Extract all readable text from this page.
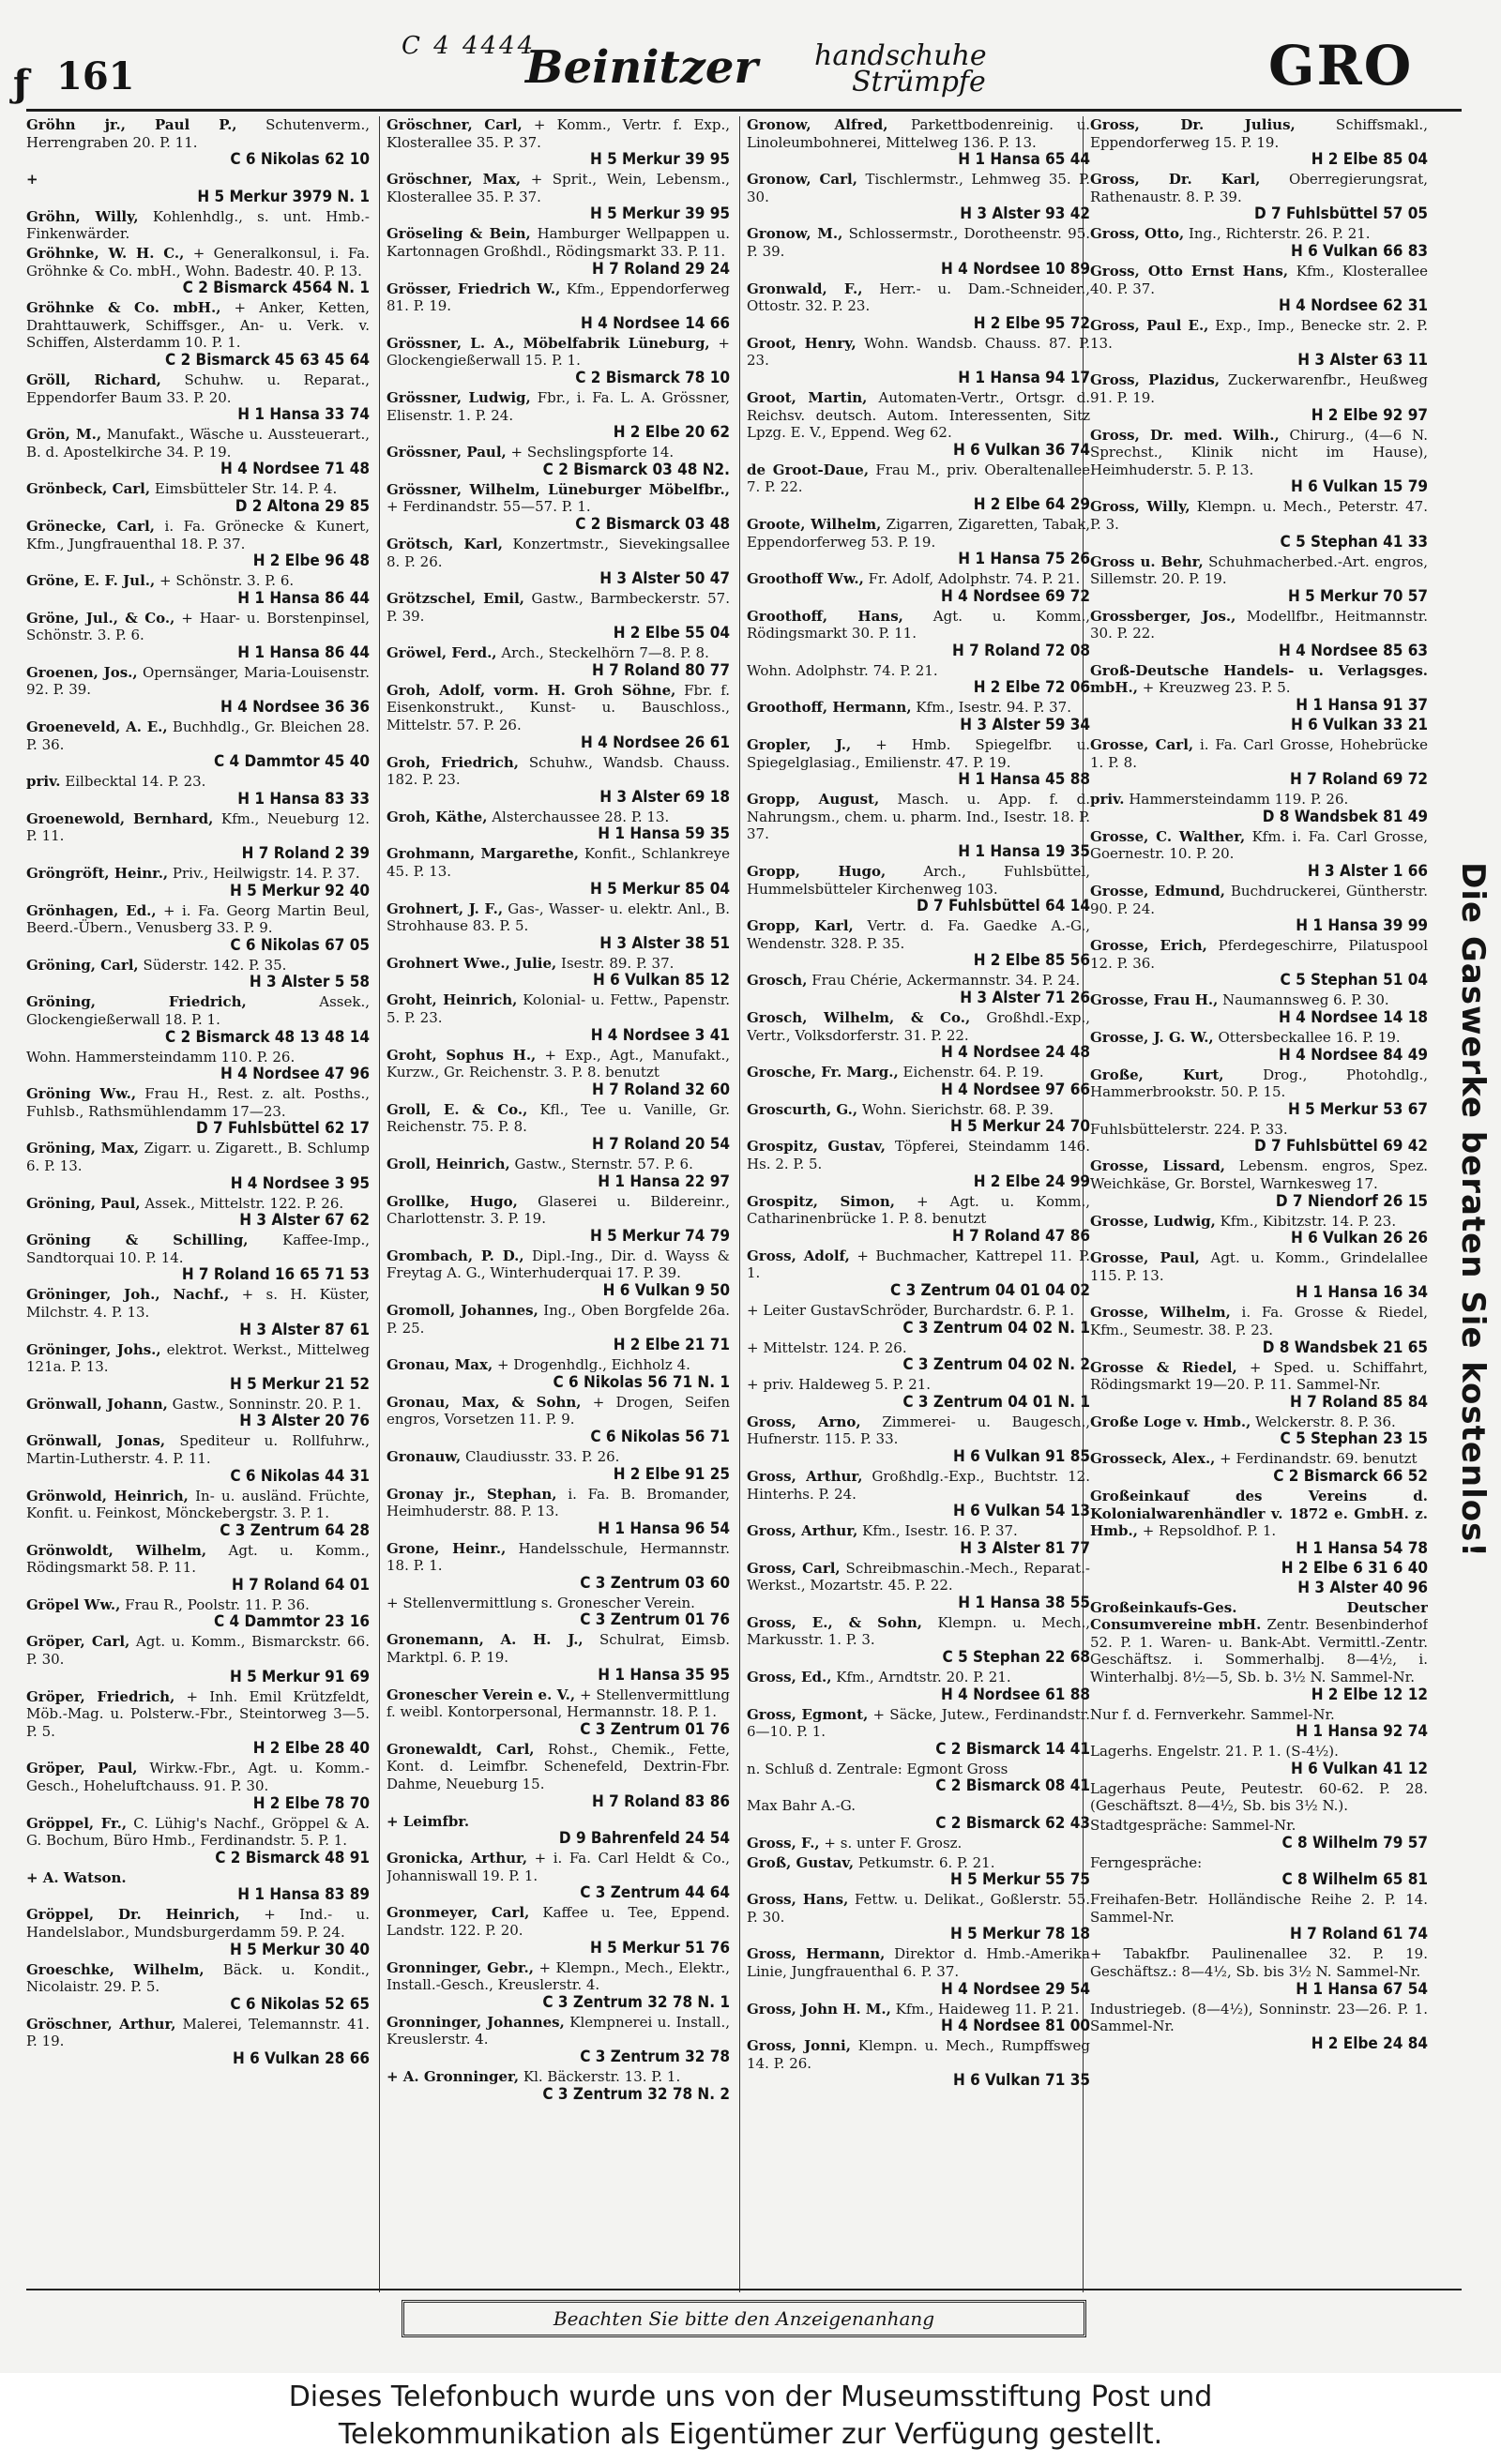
ƒ 161
C 4 4444
Beinitzer handschuhe
Strümpfe	GRO
Gröhn jr., Paul P., Schutenverm., Herrengraben 20. P. 11.
C 6 Nikolas 62 10
+
H 5 Merkur 3979 N. 1
Gröhn, Willy, Kohlenhdlg., s. unt. Hmb.-Finkenwärder.
Gröhnke, W. H. C., + Generalkonsul, i. Fa. Gröhnke & Co. mbH., Wohn. Badestr. 40. P. 13.
C 2 Bismarck 4564 N. 1
Gröhnke & Co. mbH., + Anker, Ketten, Drahttauwerk, Schiffsger., An- u. Verk. v. Schiffen, Alsterdamm 10. P. 1.
C 2 Bismarck 45 63 45 64
Gröll, Richard, Schuhw. u. Reparat., Eppendorfer Baum 33. P. 20.
H 1 Hansa 33 74
Grön, M., Manufakt., Wäsche u. Aussteuerart., B. d. Apostelkirche 34. P. 19.
H 4 Nordsee 71 48
Grönbeck, Carl, Eimsbütteler Str. 14. P. 4.
D 2 Altona 29 85
Grönecke, Carl, i. Fa. Grönecke & Kunert, Kfm., Jungfrauenthal 18. P. 37.
H 2 Elbe 96 48
Gröne, E. F. Jul., + Schönstr. 3. P. 6.
H 1 Hansa 86 44
Gröne, Jul., & Co., + Haar- u. Borstenpinsel, Schönstr. 3. P. 6.
H 1 Hansa 86 44
Groenen, Jos., Opernsänger, Maria-Louisenstr. 92. P. 39.
H 4 Nordsee 36 36
Groeneveld, A. E., Buchhdlg., Gr. Bleichen 28. P. 36.
C 4 Dammtor 45 40
priv. Eilbecktal 14. P. 23.
H 1 Hansa 83 33
Groenewold, Bernhard, Kfm., Neueburg 12. P. 11.
H 7 Roland 2 39
Gröngröft, Heinr., Priv., Heilwigstr. 14. P. 37.
H 5 Merkur 92 40
Grönhagen, Ed., + i. Fa. Georg Martin Beul, Beerd.-Übern., Venusberg 33. P. 9.
C 6 Nikolas 67 05
Gröning, Carl, Süderstr. 142. P. 35.
H 3 Alster 5 58
Gröning, Friedrich,	Assek., Glockengießerwall 18. P. 1.
C 2 Bismarck 48 13 48 14
Wohn. Hammersteindamm 110. P. 26.
H 4 Nordsee 47 96
Gröning Ww., Frau H., Rest. z. alt. Posths., Fuhlsb., Rathsmühlendamm 17—23.
D 7 Fuhlsbüttel 62 17
Gröning, Max, Zigarr. u. Zigarett., B. Schlump 6. P. 13.
H 4 Nordsee 3 95
Gröning, Paul, Assek., Mittelstr. 122. P. 26.
H 3 Alster 67 62
Gröning & Schilling, Kaffee-Imp., Sandtorquai 10. P. 14.
H 7 Roland 16 65 71 53
Gröninger, Joh., Nachf., + s. H. Küster, Milchstr. 4. P. 13.
H 3 Alster 87 61
Gröninger, Johs., elektrot. Werkst., Mittelweg 121a. P. 13.
H 5 Merkur 21 52
Grönwall, Johann, Gastw., Sonninstr. 20. P. 1.
H 3 Alster 20 76
Grönwall, Jonas, Spediteur u. Rollfuhrw., Martin-Lutherstr. 4. P. 11.
C 6 Nikolas 44 31
Grönwold, Heinrich, In- u. ausländ. Früchte, Konfit. u. Feinkost, Mönckebergstr. 3. P. 1.
C 3 Zentrum 64 28
Grönwoldt, Wilhelm, Agt. u. Komm., Rödingsmarkt 58. P. 11.
H 7 Roland 64 01
Gröpel Ww., Frau R., Poolstr. 11. P. 36.
C 4 Dammtor 23 16
Gröper, Carl, Agt. u. Komm., Bismarckstr. 66. P. 30.
H 5 Merkur 91 69
Gröper, Friedrich, + Inh. Emil Krützfeldt, Möb.-Mag. u. Polsterw.-Fbr., Steintorweg 3—5. P. 5.
H 2 Elbe 28 40
Gröper, Paul, Wirkw.-Fbr., Agt. u. Komm.-Gesch., Hoheluftchauss. 91. P. 30.
H 2 Elbe 78 70
Gröppel, Fr., C. Lühig's Nachf., Gröppel & A. G. Bochum, Büro Hmb., Ferdinandstr. 5. P. 1.
C 2 Bismarck 48 91
+ A. Watson.
H 1 Hansa 83 89
Gröppel, Dr. Heinrich, + Ind.- u. Handelslabor., Mundsburgerdamm 59. P. 24.
H 5 Merkur 30 40
Groeschke, Wilhelm, Bäck. u. Kondit., Nicolaistr. 29. P. 5.
C 6 Nikolas 52 65
Gröschner, Arthur, Malerei, Telemannstr. 41. P. 19.
H 6 Vulkan 28 66
Gröschner, Carl, + Komm., Vertr. f. Exp., Klosterallee 35. P. 37.
H 5 Merkur 39 95
Gröschner, Max, + Sprit., Wein, Lebensm., Klosterallee 35. P. 37.
H 5 Merkur 39 95
Gröseling & Bein, Hamburger Wellpappen u. Kartonnagen Großhdl., Rödingsmarkt 33. P. 11.
H 7 Roland 29 24
Grösser, Friedrich W., Kfm., Eppendorferweg 81. P. 19.
H 4 Nordsee 14 66
Grössner, L. A., Möbelfabrik Lüneburg, + Glockengießerwall 15. P. 1.
C 2 Bismarck 78 10
Grössner, Ludwig, Fbr., i. Fa. L. A. Grössner, Elisenstr. 1. P. 24.
H 2 Elbe 20 62
Grössner, Paul, + Sechslingspforte 14.
C 2 Bismarck 03 48 N2.
Grössner, Wilhelm, Lüneburger Möbelfbr., + Ferdinandstr. 55—57. P. 1.
C 2 Bismarck 03 48
Grötsch, Karl, Konzertmstr., Sievekingsallee 8. P. 26.
H 3 Alster 50 47
Grötzschel, Emil, Gastw., Barmbeckerstr. 57. P. 39.
H 2 Elbe 55 04
Gröwel, Ferd., Arch., Steckelhörn 7—8. P. 8.
H 7 Roland 80 77
Groh, Adolf, vorm. H. Groh Söhne, Fbr. f. Eisenkonstrukt., Kunst- u. Bauschloss., Mittelstr. 57. P. 26.
H 4 Nordsee 26 61
Groh, Friedrich, Schuhw., Wandsb. Chauss. 182. P. 23.
H 3 Alster 69 18
Groh, Käthe, Alsterchaussee 28. P. 13.
H 1 Hansa 59 35
Grohmann, Margarethe, Konfit., Schlankreye 45. P. 13.
H 5 Merkur 85 04
Grohnert, J. F., Gas-, Wasser- u. elektr. Anl., B. Strohhause 83. P. 5.
H 3 Alster 38 51
Grohnert Wwe., Julie, Isestr. 89. P. 37.
H 6 Vulkan 85 12
Groht, Heinrich, Kolonial- u. Fettw., Papenstr. 5. P. 23.
H 4 Nordsee 3 41
Groht, Sophus H., + Exp., Agt., Manufakt., Kurzw., Gr. Reichenstr. 3. P. 8. benutzt
H 7 Roland 32 60
Groll, E. & Co., Kfl., Tee u. Vanille, Gr. Reichenstr. 75. P. 8.
H 7 Roland 20 54
Groll, Heinrich, Gastw., Sternstr. 57. P. 6.
H 1 Hansa 22 97
Grollke, Hugo, Glaserei u. Bildereinr., Charlottenstr. 3. P. 19.
H 5 Merkur 74 79
Grombach, P. D., Dipl.-Ing., Dir. d. Wayss & Freytag A. G., Winterhuderquai 17. P. 39.
H 6 Vulkan 9 50
Gromoll, Johannes, Ing., Oben Borgfelde 26a. P. 25.
H 2 Elbe 21 71
Gronau, Max, + Drogenhdlg., Eichholz 4.
C 6 Nikolas 56 71 N. 1
Gronau, Max, & Sohn, + Drogen, Seifen engros, Vorsetzen 11. P. 9.
C 6 Nikolas 56 71
Gronauw, Claudiusstr. 33. P. 26.
H 2 Elbe 91 25
Gronay jr., Stephan, i. Fa. B. Bromander, Heimhuderstr. 88. P. 13.
H 1 Hansa 96 54
Grone, Heinr., Handelsschule, Hermannstr. 18. P. 1.
C 3 Zentrum 03 60
+ Stellenvermittlung s. Gronescher Verein.
C 3 Zentrum 01 76
Gronemann, A. H. J., Schulrat, Eimsb. Marktpl. 6. P. 19.
H 1 Hansa 35 95
Gronescher Verein e. V., + Stellenvermittlung f. weibl. Kontorpersonal, Hermannstr. 18. P. 1.
C 3 Zentrum 01 76
Gronewaldt, Carl, Rohst., Chemik., Fette, Kont. d. Leimfbr. Schenefeld, Dextrin-Fbr. Dahme, Neueburg 15.
H 7 Roland 83 86
+ Leimfbr.
D 9 Bahrenfeld 24 54
Gronicka, Arthur, + i. Fa. Carl Heldt & Co., Johanniswall 19. P. 1.
C 3 Zentrum 44 64
Gronmeyer, Carl, Kaffee u. Tee, Eppend. Landstr. 122. P. 20.
H 5 Merkur 51 76
Gronninger, Gebr., + Klempn., Mech., Elektr., Install.-Gesch., Kreuslerstr. 4.
C 3 Zentrum 32 78 N. 1
Gronninger, Johannes, Klempnerei u. Install., Kreuslerstr. 4.
C 3 Zentrum 32 78
+ A. Gronninger, Kl. Bäckerstr. 13. P. 1.
C 3 Zentrum 32 78 N. 2
Gronow, Alfred, Parkettbodenreinig. u. Linoleumbohnerei, Mittelweg 136. P. 13.
H 1 Hansa 65 44
Gronow, Carl, Tischlermstr., Lehmweg 35. P. 30.
H 3 Alster 93 42
Gronow, M., Schlossermstr., Dorotheenstr. 95. P. 39.
H 4 Nordsee 10 89
Gronwald, F., Herr.- u. Dam.-Schneider., Ottostr. 32. P. 23.
H 2 Elbe 95 72
Groot, Henry, Wohn. Wandsb. Chauss. 87. P. 23.
H 1 Hansa 94 17
Groot, Martin, Automaten-Vertr., Ortsgr. d. Reichsv. deutsch. Autom. Interessenten, Sitz Lpzg. E. V., Eppend. Weg 62.
H 6 Vulkan 36 74
de Groot-Daue, Frau M., priv. Oberaltenallee 7. P. 22.
H 2 Elbe 64 29
Groote, Wilhelm, Zigarren, Zigaretten, Tabak, Eppendorferweg 53. P. 19.
H 1 Hansa 75 26
Groothoff Ww., Fr. Adolf, Adolphstr. 74. P. 21.
H 4 Nordsee 69 72
Groothoff, Hans, Agt. u. Komm., Rödingsmarkt 30. P. 11.
H 7 Roland 72 08
Wohn. Adolphstr. 74. P. 21.
H 2 Elbe 72 06
Groothoff, Hermann, Kfm., Isestr. 94. P. 37.
H 3 Alster 59 34
Gropler, J., + Hmb. Spiegelfbr. u. Spiegelglasiag., Emilienstr. 47. P. 19.
H 1 Hansa 45 88
Gropp, August, Masch. u. App. f. d. Nahrungsm., chem. u. pharm. Ind., Isestr. 18. P. 37.
H 1 Hansa 19 35
Gropp, Hugo,	Arch., Fuhlsbüttel, Hummelsbütteler Kirchenweg 103.
D 7 Fuhlsbüttel 64 14
Gropp, Karl, Vertr. d. Fa. Gaedke A.-G., Wendenstr. 328. P. 35.
H 2 Elbe 85 56
Grosch, Frau Chérie, Ackermannstr. 34. P. 24.
H 3 Alster 71 26
Grosch, Wilhelm, & Co., Großhdl.-Exp., Vertr., Volksdorferstr. 31. P. 22.
H 4 Nordsee 24 48
Grosche, Fr. Marg., Eichenstr. 64. P. 19.
H 4 Nordsee 97 66
Groscurth, G., Wohn. Sierichstr. 68. P. 39.
H 5 Merkur 24 70
Grospitz, Gustav, Töpferei, Steindamm 146. Hs. 2. P. 5.
H 2 Elbe 24 99
Grospitz, Simon, + Agt. u. Komm., Catharinenbrücke 1. P. 8. benutzt
H 7 Roland 47 86
Gross, Adolf, + Buchmacher, Kattrepel 11. P. 1.
C 3 Zentrum 04 01 04 02
+ Leiter GustavSchröder, Burchardstr. 6. P. 1.
C 3 Zentrum 04 02 N. 1
+ Mittelstr. 124. P. 26.
C 3 Zentrum 04 02 N. 2
+ priv. Haldeweg 5. P. 21.
C 3 Zentrum 04 01 N. 1
Gross, Arno, Zimmerei- u. Baugesch., Hufnerstr. 115. P. 33.
H 6 Vulkan 91 85
Gross, Arthur, Großhdlg.-Exp., Buchtstr. 12. Hinterhs. P. 24.
H 6 Vulkan 54 13
Gross, Arthur, Kfm., Isestr. 16. P. 37.
H 3 Alster 81 77
Gross, Carl, Schreibmaschin.-Mech., Reparat.-Werkst., Mozartstr. 45. P. 22.
H 1 Hansa 38 55
Gross, E., & Sohn, Klempn. u. Mech., Markusstr. 1. P. 3.
C 5 Stephan 22 68
Gross, Ed., Kfm., Arndtstr. 20. P. 21.
H 4 Nordsee 61 88
Gross, Egmont, + Säcke, Jutew., Ferdinandstr. 6—10. P. 1.
C 2 Bismarck 14 41
n. Schluß d. Zentrale: Egmont Gross
C 2 Bismarck 08 41
Max Bahr A.-G.
C 2 Bismarck 62 43
Gross, F., + s. unter F. Grosz.
Groß, Gustav, Petkumstr. 6. P. 21.
H 5 Merkur 55 75
Gross, Hans, Fettw. u. Delikat., Goßlerstr. 55. P. 30.
H 5 Merkur 78 18
Gross, Hermann, Direktor d. Hmb.-Amerika Linie, Jungfrauenthal 6. P. 37.
H 4 Nordsee 29 54
Gross, John H. M., Kfm., Haideweg 11. P. 21.
H 4 Nordsee 81 00
Gross, Jonni, Klempn. u. Mech., Rumpffsweg 14. P. 26.
H 6 Vulkan 71 35
Gross, Dr. Julius,	Schiffsmakl., Eppendorferweg 15. P. 19.
H 2 Elbe 85 04
Gross, Dr. Karl, Oberregierungsrat, Rathenaustr. 8. P. 39.
D 7 Fuhlsbüttel 57 05
Gross, Otto, Ing., Richterstr. 26. P. 21.
H 6 Vulkan 66 83
Gross, Otto Ernst Hans, Kfm., Klosterallee 40. P. 37.
H 4 Nordsee 62 31
Gross, Paul E., Exp., Imp., Benecke str. 2. P. 13.
H 3 Alster 63 11
Gross, Plazidus, Zuckerwarenfbr., Heußweg 91. P. 19.
H 2 Elbe 92 97
Gross, Dr. med. Wilh., Chirurg., (4—6 N. Sprechst., Klinik nicht im Hause), Heimhuderstr. 5. P. 13.
H 6 Vulkan 15 79
Gross, Willy, Klempn. u. Mech., Peterstr. 47. P. 3.
C 5 Stephan 41 33
Gross u. Behr, Schuhmacherbed.-Art. engros, Sillemstr. 20. P. 19.
H 5 Merkur 70 57
Grossberger, Jos., Modellfbr., Heitmannstr. 30. P. 22.
H 4 Nordsee 85 63
Groß-Deutsche Handels- u. Verlagsges. mbH., + Kreuzweg 23. P. 5.
H 1 Hansa 91 37
H 6 Vulkan 33 21
Grosse, Carl, i. Fa. Carl Grosse, Hohebrücke 1. P. 8.
H 7 Roland 69 72
priv. Hammersteindamm 119. P. 26.
D 8 Wandsbek 81 49
Grosse, C. Walther, Kfm. i. Fa. Carl Grosse, Goernestr. 10. P. 20.
H 3 Alster 1 66
Grosse, Edmund, Buchdruckerei, Güntherstr. 90. P. 24.
H 1 Hansa 39 99
Grosse, Erich, Pferdegeschirre, Pilatuspool 12. P. 36.
C 5 Stephan 51 04
Grosse, Frau H., Naumannsweg 6. P. 30.
H 4 Nordsee 14 18
Grosse, J. G. W., Ottersbeckallee 16. P. 19.
H 4 Nordsee 84 49
Große, Kurt,	Drog., Photohdlg., Hammerbrookstr. 50. P. 15.
H 5 Merkur 53 67
Fuhlsbüttelerstr. 224. P. 33.
D 7 Fuhlsbüttel 69 42
Grosse, Lissard, Lebensm. engros, Spez. Weichkäse, Gr. Borstel, Warnkesweg 17.
D 7 Niendorf 26 15
Grosse, Ludwig, Kfm., Kibitzstr. 14. P. 23.
H 6 Vulkan 26 26
Grosse, Paul, Agt. u. Komm., Grindelallee 115. P. 13.
H 1 Hansa 16 34
Grosse, Wilhelm, i. Fa. Grosse & Riedel, Kfm., Seumestr. 38. P. 23.
D 8 Wandsbek 21 65
Grosse & Riedel, + Sped. u. Schiffahrt, Rödingsmarkt 19—20. P. 11. Sammel-Nr.
H 7 Roland 85 84
Große Loge v. Hmb., Welckerstr. 8. P. 36.
C 5 Stephan 23 15
Grosseck, Alex., + Ferdinandstr. 69. benutzt
C 2 Bismarck 66 52
Großeinkauf des Vereins d. Kolonialwarenhändler v. 1872 e. GmbH. z. Hmb., + Repsoldhof. P. 1.
H 1 Hansa 54 78
H 2 Elbe 6 31 6 40
H 3 Alster 40 96
Großeinkaufs-Ges. Deutscher Consumvereine mbH. Zentr. Besenbinderhof 52. P. 1. Waren- u. Bank-Abt. Vermittl.-Zentr. Geschäftsz. i. Sommerhalbj. 8—4½, i. Winterhalbj. 8½—5, Sb. b. 3½ N. Sammel-Nr.
H 2 Elbe 12 12
Nur f. d. Fernverkehr. Sammel-Nr.
H 1 Hansa 92 74
Lagerhs. Engelstr. 21. P. 1. (S-4½).
H 6 Vulkan 41 12
Lagerhaus Peute, Peutestr. 60-62. P. 28. (Geschäftszt. 8—4½, Sb. bis 3½ N.).
Stadtgespräche: Sammel-Nr.
C 8 Wilhelm 79 57
Ferngespräche:
C 8 Wilhelm 65 81
Freihafen-Betr. Holländische Reihe 2. P. 14. Sammel-Nr.
H 7 Roland 61 74
+ Tabakfbr. Paulinenallee 32. P. 19. Geschäftsz.: 8—4½, Sb. bis 3½ N. Sammel-Nr.
H 1 Hansa 67 54
Industriegeb. (8—4½), Sonninstr. 23—26. P. 1. Sammel-Nr.
H 2 Elbe 24 84
Die Gaswerke beraten Sie kostenlos!
Beachten Sie bitte den Anzeigenanhang
Dieses Telefonbuch wurde uns von der Museumsstiftung Post und
Telekommunikation als Eigentümer zur Verfügung gestellt.
